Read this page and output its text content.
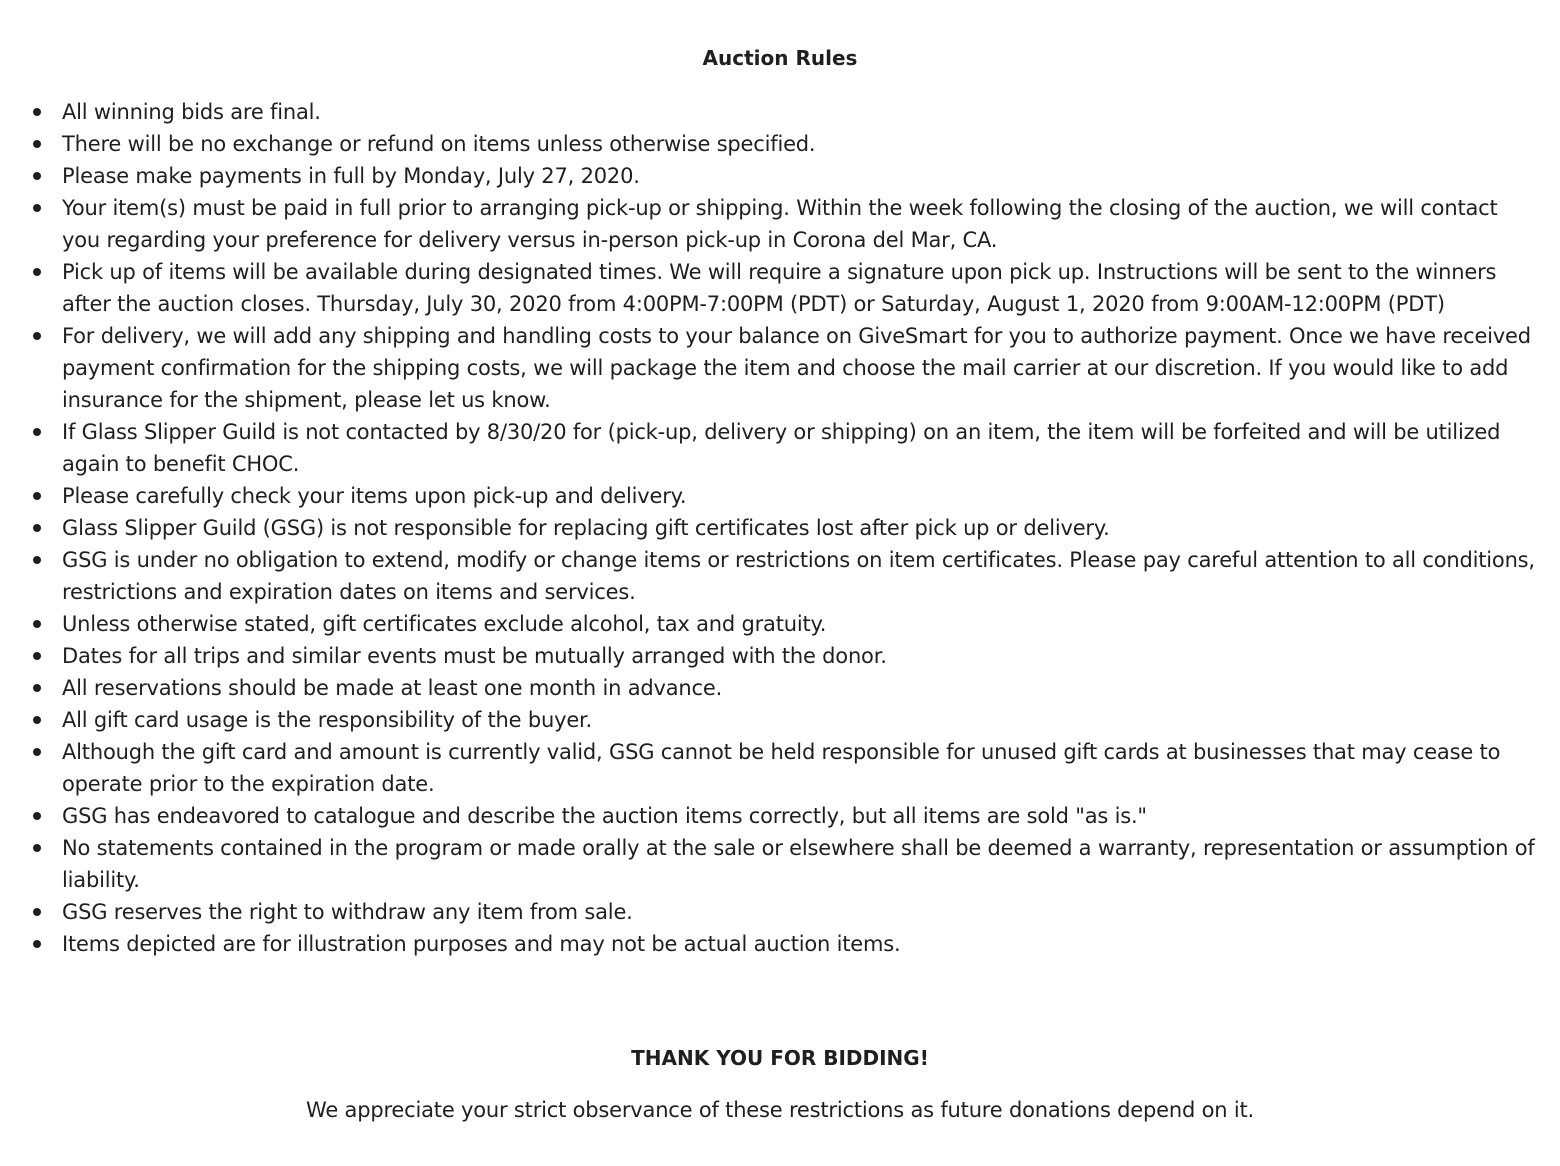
Auction Rules
All winning bids are final.
There will be no exchange or refund on items unless otherwise specified.
Please make payments in full by Monday, July 27, 2020.
Your item(s) must be paid in full prior to arranging pick-up or shipping. Within the week following the closing of the auction, we will contact you regarding your preference for delivery versus in-person pick-up in Corona del Mar, CA.
Pick up of items will be available during designated times. We will require a signature upon pick up. Instructions will be sent to the winners after the auction closes. Thursday, July 30, 2020 from 4:00PM-7:00PM (PDT) or Saturday, August 1, 2020 from 9:00AM-12:00PM (PDT)
For delivery, we will add any shipping and handling costs to your balance on GiveSmart for you to authorize payment. Once we have received payment confirmation for the shipping costs, we will package the item and choose the mail carrier at our discretion. If you would like to add insurance for the shipment, please let us know.
If Glass Slipper Guild is not contacted by 8/30/20 for (pick-up, delivery or shipping) on an item, the item will be forfeited and will be utilized again to benefit CHOC.
Please carefully check your items upon pick-up and delivery.
Glass Slipper Guild (GSG) is not responsible for replacing gift certificates lost after pick up or delivery.
GSG is under no obligation to extend, modify or change items or restrictions on item certificates. Please pay careful attention to all conditions, restrictions and expiration dates on items and services.
Unless otherwise stated, gift certificates exclude alcohol, tax and gratuity.
Dates for all trips and similar events must be mutually arranged with the donor.
All reservations should be made at least one month in advance.
All gift card usage is the responsibility of the buyer.
Although the gift card and amount is currently valid, GSG cannot be held responsible for unused gift cards at businesses that may cease to operate prior to the expiration date.
GSG has endeavored to catalogue and describe the auction items correctly, but all items are sold "as is."
No statements contained in the program or made orally at the sale or elsewhere shall be deemed a warranty, representation or assumption of liability.
GSG reserves the right to withdraw any item from sale.
Items depicted are for illustration purposes and may not be actual auction items.
THANK YOU FOR BIDDING!

We appreciate your strict observance of these restrictions as future donations depend on it.
